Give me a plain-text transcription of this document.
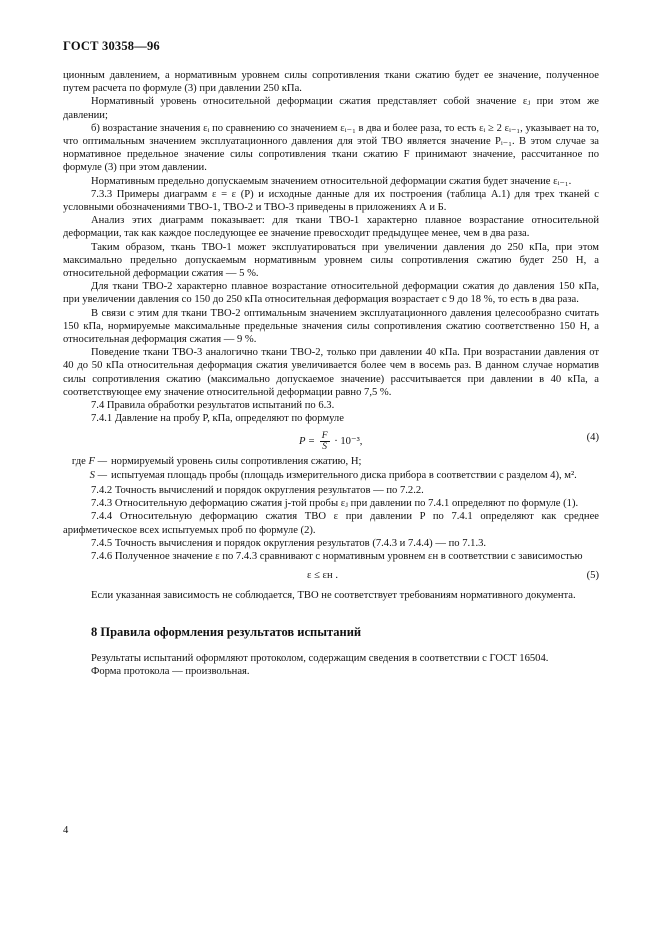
ГОСТ 30358—96

ционным давлением, а нормативным уровнем силы сопротивления ткани сжатию будет ее значение, полученное путем расчета по формуле (3) при давлении 250 кПа.

Нормативный уровень относительной деформации сжатия представляет собой значение εⱼ при этом же давлении;

б) возрастание значения εᵢ по сравнению со значением εᵢ₋₁ в два и более раза, то есть εᵢ ≥ 2 εᵢ₋₁, указывает на то, что оптимальным значением эксплуатационного давления для этой ТВО является значение Pᵢ₋₁. В этом случае за нормативное предельное значение силы сопротивления ткани сжатию F принимают значение, рассчитанное по формуле (3) при этом давлении.

Нормативным предельно допускаемым значением относительной деформации сжатия будет значение εᵢ₋₁.

7.3.3 Примеры диаграмм ε = ε (P) и исходные данные для их построения (таблица А.1) для трех тканей с условными обозначениями ТВО-1, ТВО-2 и ТВО-3 приведены в приложениях А и Б.

Анализ этих диаграмм показывает: для ткани ТВО-1 характерно плавное возрастание относительной деформации, так как каждое последующее ее значение превосходит предыдущее менее, чем в два раза.

Таким образом, ткань ТВО-1 может эксплуатироваться при увеличении давления до 250 кПа, при этом максимально предельно допускаемым нормативным уровнем силы сопротивления сжатию будет 250 Н, а относительной деформации сжатия — 5 %.

Для ткани ТВО-2 характерно плавное возрастание относительной деформации сжатия до давления 150 кПа, при увеличении давления со 150 до 250 кПа относительная деформация возрастает с 9 до 18 %, то есть в два раза.

В связи с этим для ткани ТВО-2 оптимальным значением эксплуатационного давления целесообразно считать 150 кПа, нормируемые максимальные предельные значения силы сопротивления сжатию соответственно 150 Н, а относительная деформация сжатия — 9 %.

Поведение ткани ТВО-3 аналогично ткани ТВО-2, только при давлении 40 кПа. При возрастании давления от 40 до 50 кПа относительная деформация сжатия увеличивается более чем в восемь раз. В данном случае норматив силы сопротивления сжатию (максимально допускаемое значение) рассчитывается при давлении в 40 кПа, а соответствующее ему значение относительной деформации равно 7,5 %.

7.4 Правила обработки результатов испытаний по 6.3.

7.4.1 Давление на пробу P, кПа, определяют по формуле

$P = \frac{F}{S} \cdot 10^{-3}$,	(4)
где F — нормируемый уровень силы сопротивления сжатию, Н;
S — испытуемая площадь пробы (площадь измерительного диска прибора в соответствии с разделом 4), м².

7.4.2 Точность вычислений и порядок округления результатов — по 7.2.2.

7.4.3 Относительную деформацию сжатия j-той пробы εⱼ при давлении по 7.4.1 определяют по формуле (1).

7.4.4 Относительную деформацию сжатия ТВО ε при давлении P по 7.4.1 определяют как среднее арифметическое всех испытуемых проб по формуле (2).

7.4.5 Точность вычисления и порядок округления результатов (7.4.3 и 7.4.4) — по 7.1.3.

7.4.6 Полученное значение ε по 7.4.3 сравнивают с нормативным уровнем εн в соответствии с зависимостью

ε ≤ εн .	(5)

Если указанная зависимость не соблюдается, ТВО не соответствует требованиям нормативного документа.

8 Правила оформления результатов испытаний

Результаты испытаний оформляют протоколом, содержащим сведения в соответствии с ГОСТ 16504.

Форма протокола — произвольная.

4
